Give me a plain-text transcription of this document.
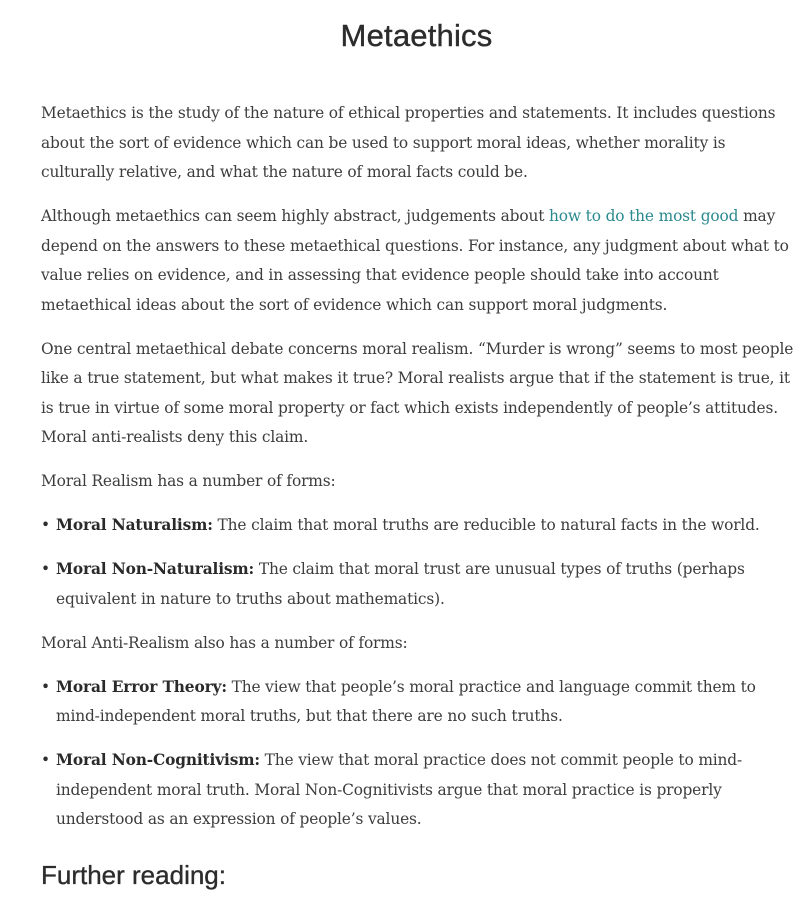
Metaethics

Metaethics is the study of the nature of ethical properties and statements. It includes questions about the sort of evidence which can be used to support moral ideas, whether morality is culturally relative, and what the nature of moral facts could be.

Although metaethics can seem highly abstract, judgements about how to do the most good may depend on the answers to these metaethical questions. For instance, any judgment about what to value relies on evidence, and in assessing that evidence people should take into account metaethical ideas about the sort of evidence which can support moral judgments.

One central metaethical debate concerns moral realism. “Murder is wrong” seems to most people like a true statement, but what makes it true? Moral realists argue that if the statement is true, it is true in virtue of some moral property or fact which exists independently of people’s attitudes. Moral anti-realists deny this claim.

Moral Realism has a number of forms:

• Moral Naturalism: The claim that moral truths are reducible to natural facts in the world.
• Moral Non-Naturalism: The claim that moral trust are unusual types of truths (perhaps equivalent in nature to truths about mathematics).

Moral Anti-Realism also has a number of forms:

• Moral Error Theory: The view that people’s moral practice and language commit them to mind-independent moral truths, but that there are no such truths.
• Moral Non-Cognitivism: The view that moral practice does not commit people to mind-independent moral truth. Moral Non-Cognitivists argue that moral practice is properly understood as an expression of people’s values.
Further reading:
